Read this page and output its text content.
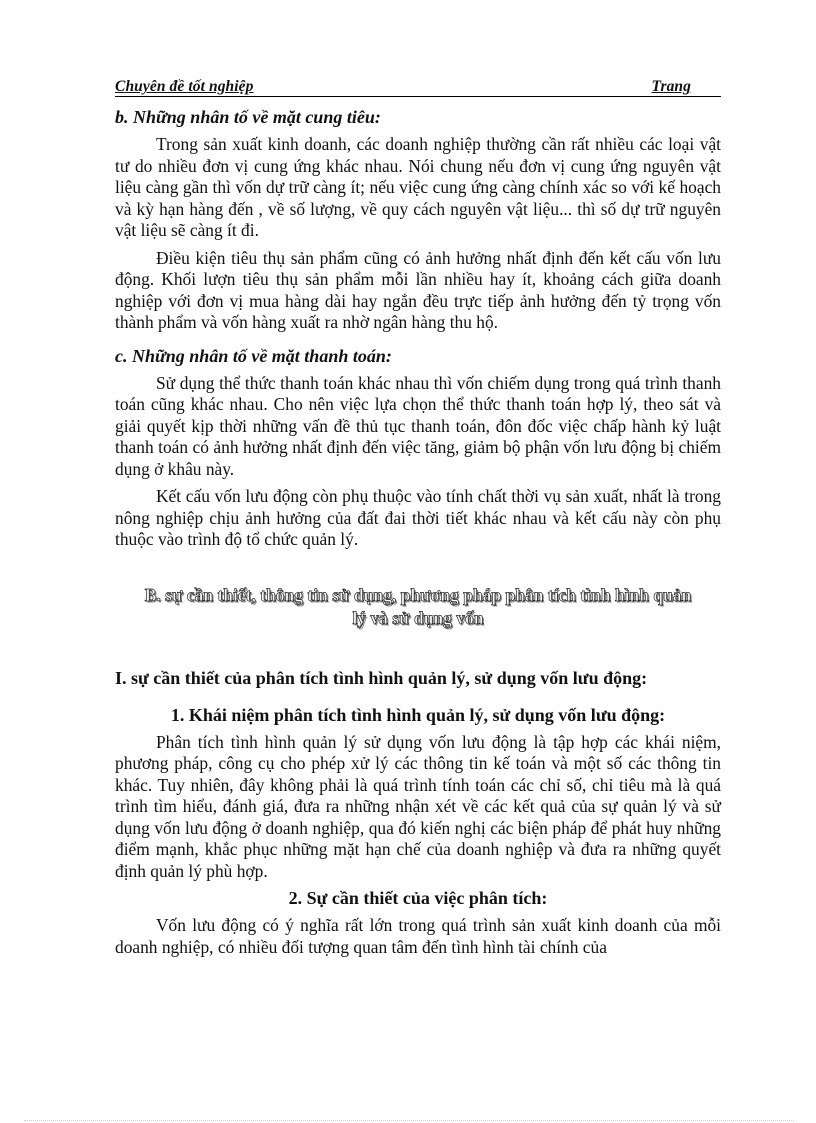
Chuyên đề tốt nghiệp	Trang
b. Những nhân tố về mặt cung tiêu:

Trong sản xuất kinh doanh, các doanh nghiệp thường cần rất nhiều các loại vật tư do nhiều đơn vị cung ứng khác nhau. Nói chung nếu đơn vị cung ứng nguyên vật liệu càng gần thì vốn dự trữ càng ít; nếu việc cung ứng càng chính xác so với kế hoạch và kỳ hạn hàng đến , về số lượng, về quy cách nguyên vật liệu... thì số dự trữ nguyên vật liệu sẽ càng ít đi.

Điều kiện tiêu thụ sản phẩm cũng có ảnh hưởng nhất định đến kết cấu vốn lưu động. Khối lượn tiêu thụ sản phẩm mỗi lần nhiều hay ít, khoảng cách giữa doanh nghiệp với đơn vị mua hàng dài hay ngắn đều trực tiếp ảnh hưởng đến tỷ trọng vốn thành phẩm và vốn hàng xuất ra nhờ ngân hàng thu hộ.

c. Những nhân tố về mặt thanh toán:

Sử dụng thể thức thanh toán khác nhau thì vốn chiếm dụng trong quá trình thanh toán cũng khác nhau. Cho nên việc lựa chọn thể thức thanh toán hợp lý, theo sát và giải quyết kịp thời những vấn đề thủ tục thanh toán, đôn đốc việc chấp hành kỷ luật thanh toán có ảnh hưởng nhất định đến việc tăng, giảm bộ phận vốn lưu động bị chiếm dụng ở khâu này.

Kết cấu vốn lưu động còn phụ thuộc vào tính chất thời vụ sản xuất, nhất là trong nông nghiệp chịu ảnh hưởng của đất đai thời tiết khác nhau và kết cấu này còn phụ thuộc vào trình độ tổ chức quản lý.

B. sự cần thiết, thông tin sử dụng, phương pháp phân tích tình hình quản lý và sử dụng vốn
I. sự cần thiết của phân tích tình hình quản lý, sử dụng vốn lưu động:
1. Khái niệm phân tích tình hình quản lý, sử dụng vốn lưu động:

Phân tích tình hình quản lý sử dụng vốn lưu động là tập hợp các khái niệm, phương pháp, công cụ cho phép xử lý các thông tin kế toán và một số các thông tin khác. Tuy nhiên, đây không phải là quá trình tính toán các chỉ số, chỉ tiêu mà là quá trình tìm hiểu, đánh giá, đưa ra những nhận xét về các kết quả của sự quản lý và sử dụng vốn lưu động ở doanh nghiệp, qua đó kiến nghị các biện pháp để phát huy những điểm mạnh, khắc phục những mặt hạn chế của doanh nghiệp và đưa ra những quyết định quản lý phù hợp.

2. Sự cần thiết của việc phân tích:

Vốn lưu động có ý nghĩa rất lớn trong quá trình sản xuất kinh doanh của mỗi doanh nghiệp, có nhiều đối tượng quan tâm đến tình hình tài chính của
